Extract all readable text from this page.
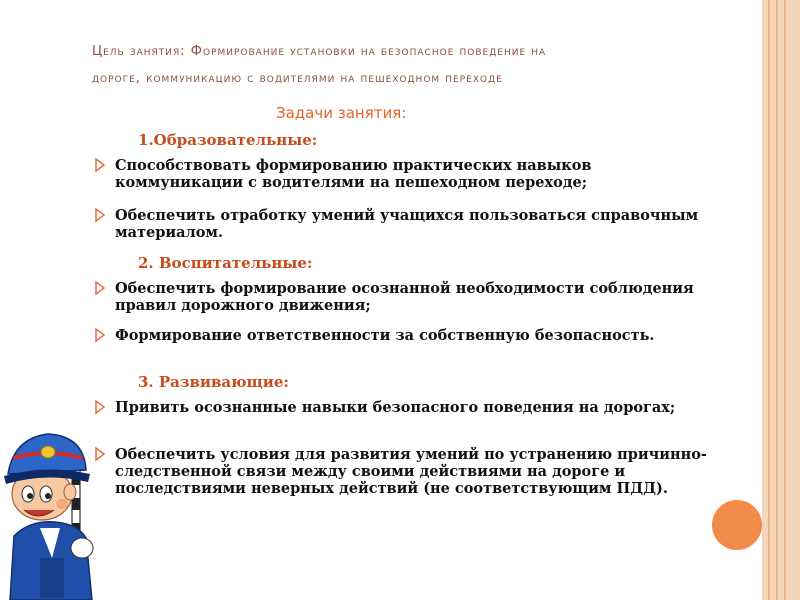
Цель занятия: Формирование установки на безопасное поведение на
дороге, коммуникацию с водителями на пешеходном переходе
Задачи занятия:
1.Образовательные:
Способствовать формированию практических навыков коммуникации с водителями на пешеходном переходе;
Обеспечить отработку умений учащихся пользоваться справочным материалом.
2. Воспитательные:
Обеспечить формирование осознанной необходимости соблюдения правил дорожного движения;
Формирование ответственности за собственную безопасность.
3. Развивающие:
Привить осознанные навыки безопасного поведения на дорогах;
Обеспечить условия для развития умений по устранению причинно- следственной связи между своими действиями на дороге и последствиями неверных действий (не соответствующим ПДД).
